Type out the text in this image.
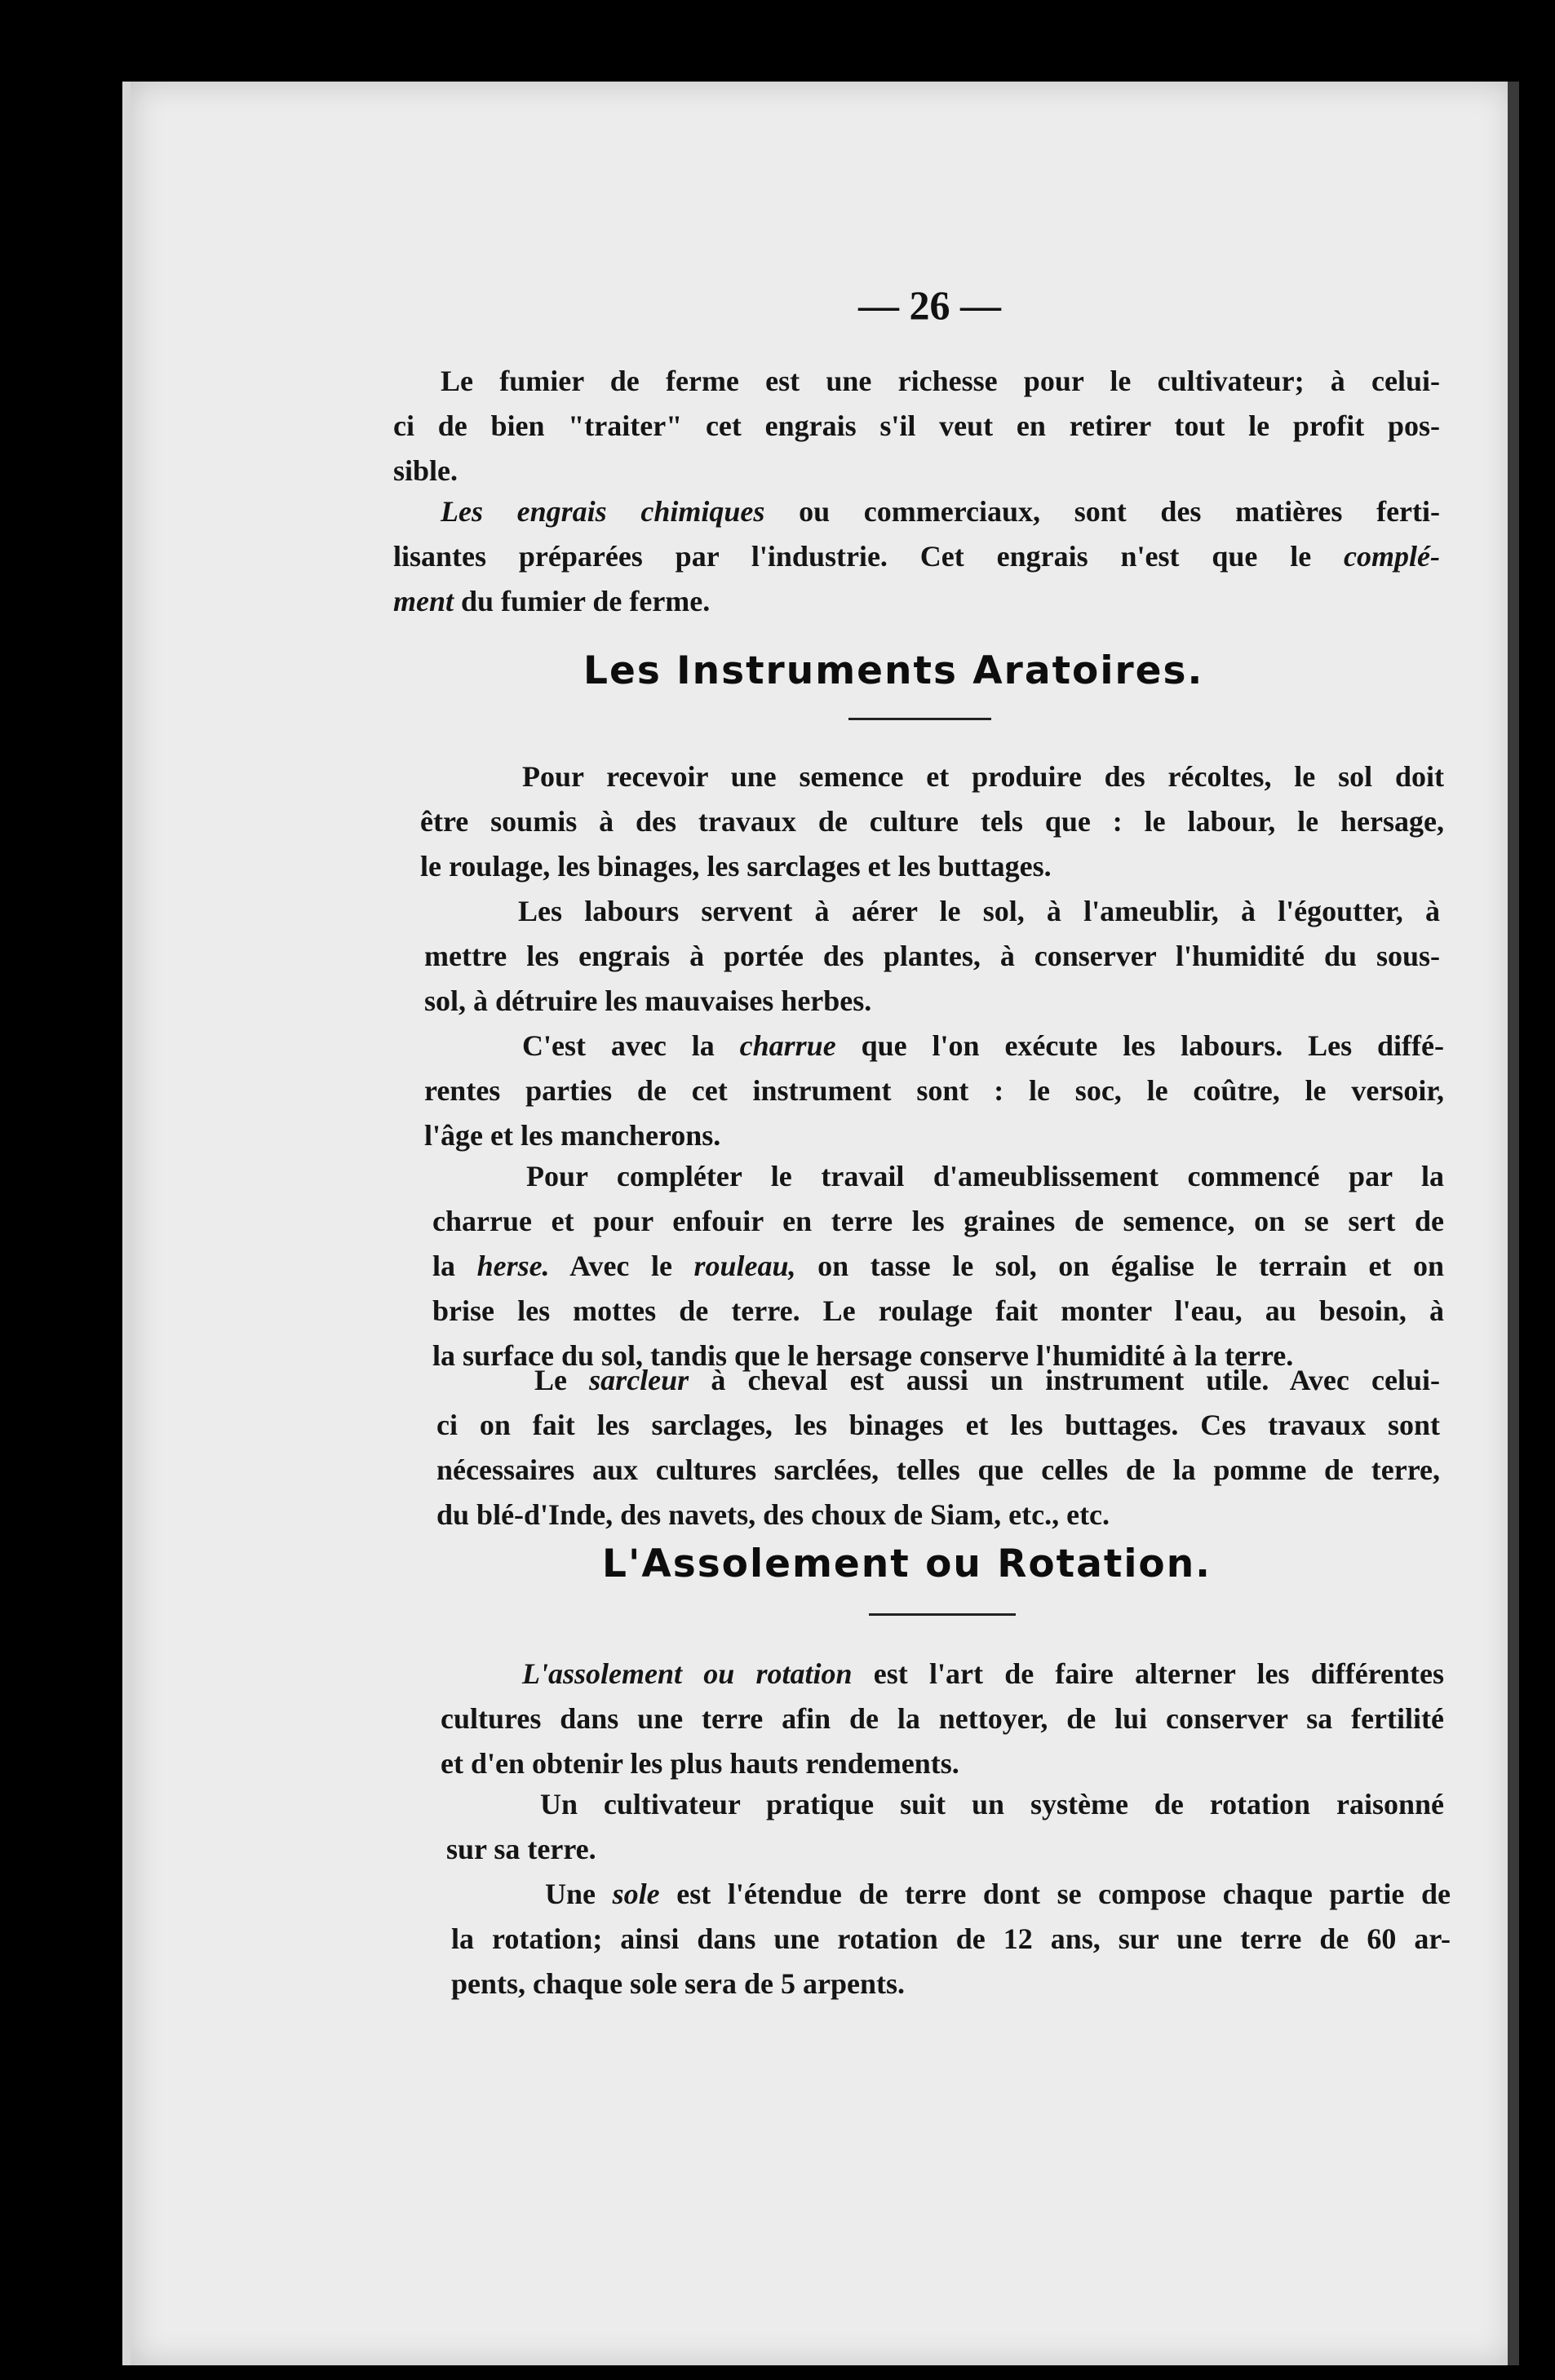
— 26 —
Le fumier de ferme est une richesse pour le cultivateur; à celui-
ci de bien "traiter" cet engrais s'il veut en retirer tout le profit pos-
sible.
Les engrais chimiques ou commerciaux, sont des matières ferti-
lisantes préparées par l'industrie. Cet engrais n'est que le complé-
ment du fumier de ferme.
Les Instruments Aratoires.
Pour recevoir une semence et produire des récoltes, le sol doit
être soumis à des travaux de culture tels que : le labour, le hersage,
le roulage, les binages, les sarclages et les buttages.
Les labours servent à aérer le sol, à l'ameublir, à l'égoutter, à
mettre les engrais à portée des plantes, à conserver l'humidité du sous-
sol, à détruire les mauvaises herbes.
C'est avec la charrue que l'on exécute les labours. Les diffé-
rentes parties de cet instrument sont : le soc, le coûtre, le versoir,
l'âge et les mancherons.
Pour compléter le travail d'ameublissement commencé par la
charrue et pour enfouir en terre les graines de semence, on se sert de
la herse. Avec le rouleau, on tasse le sol, on égalise le terrain et on
brise les mottes de terre. Le roulage fait monter l'eau, au besoin, à
la surface du sol, tandis que le hersage conserve l'humidité à la terre.
Le sarcleur à cheval est aussi un instrument utile. Avec celui-
ci on fait les sarclages, les binages et les buttages. Ces travaux sont
nécessaires aux cultures sarclées, telles que celles de la pomme de terre,
du blé-d'Inde, des navets, des choux de Siam, etc., etc.
L'Assolement ou Rotation.
L'assolement ou rotation est l'art de faire alterner les différentes
cultures dans une terre afin de la nettoyer, de lui conserver sa fertilité
et d'en obtenir les plus hauts rendements.
Un cultivateur pratique suit un système de rotation raisonné
sur sa terre.
Une sole est l'étendue de terre dont se compose chaque partie de
la rotation; ainsi dans une rotation de 12 ans, sur une terre de 60 ar-
pents, chaque sole sera de 5 arpents.
